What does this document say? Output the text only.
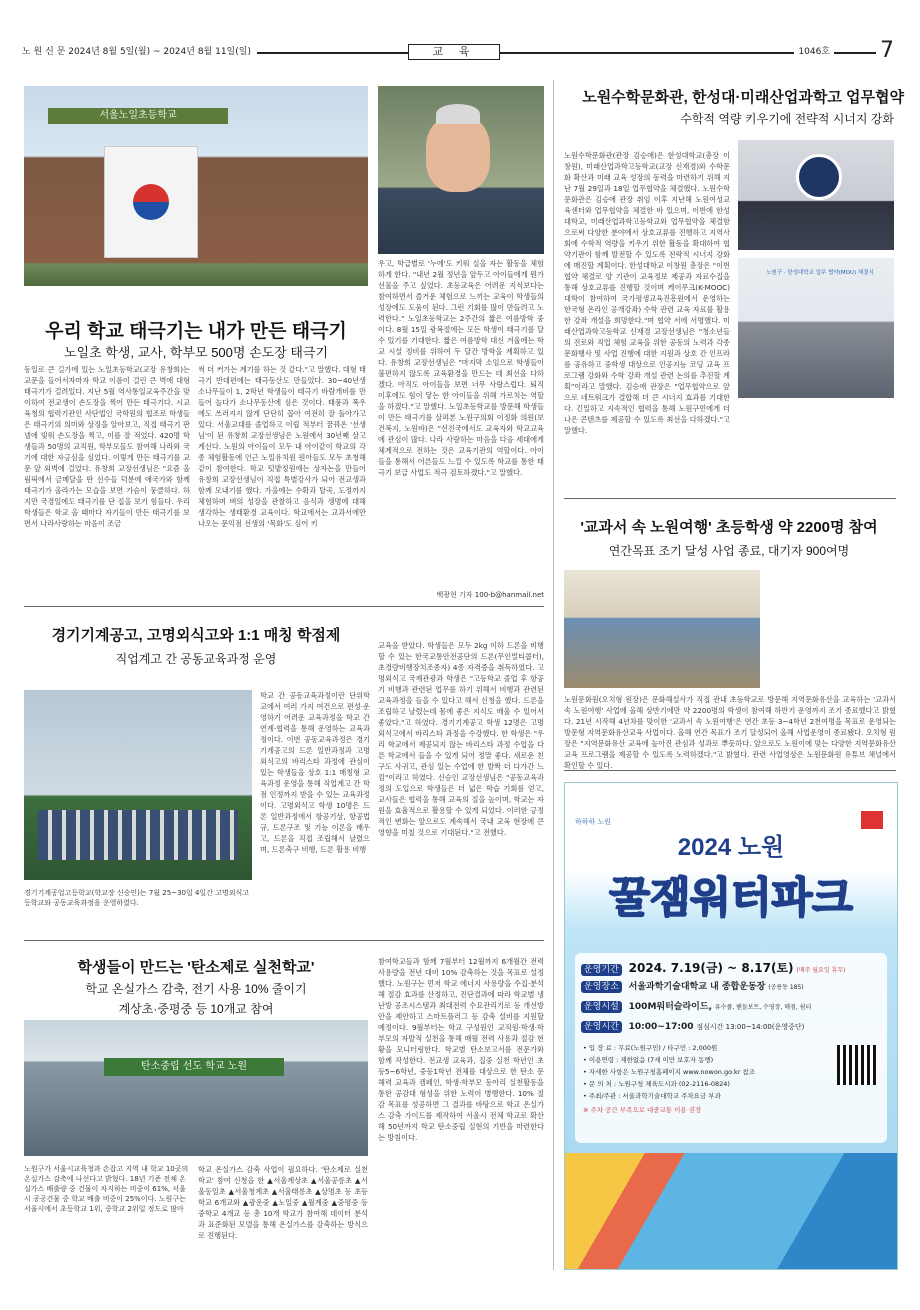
노 원 신 문 2024년 8월 5일(월) ~ 2024년 8월 11일(일)	교 육	1046호 7
서울노일초등학교
우리 학교 태극기는 내가 만든 태극기
노일초 학생, 교사, 학부모 500명 손도장 태극기
동일로 큰 길가에 있는 노일초등학교(교장 유창희)는 교문을 들어서자마자 학교 이름이 걸린 큰 벽에 대형 태극기가 걸려있다. 지난 5월 역사통일교육주간을 맞이하여 전교생이 손도장을 찍어 만든 태극기다. 시교육청의 협력기관인 사단법인 국학원의 협조로 학생들은 태극기의 의미와 상징을 알아보고, 직접 태극기 판넬에 빛워 손도장을 찍고, 이를 잘 적었다. 420명 학생들과 50명의 교직원, 학부모들도 참여해 나라와 국기에 대한 자긍심을 심었다. 이렇게 만든 태극기를 교문 앞 외벽에 걸었다. 유창희 교장선생님은 "요즘 올림픽에서 금메달을 딴 선수들 덕분에 애국가와 함께 태극기가 올라가는 모습을 보면 가슴이 뭉클하다. 하지만 국경일에도 태극기를 단 집을 보기 힘들다. 우리 학생들은 학교 올 때마다 자기들이 만든 태극기를 보면서 나라사랑하는 마음이 조금
씩 더 커가는 계기를 하는 것 같다."고 말했다. 대형 태극기 반대편에는 태극동산도 만들었다. 30~40년생 소나무들이 1, 2학년 학생들이 태극기 바람개비를 만들어 놀다가 소나무동산에 심은 것이다. 태풍과 폭우에도 쓰러지지 않게 단단히 꼽아 여전히 잘 돌아가고 있다. 서울교대를 졸업하고 이립 적부터 꿈꿔온 '선생님'이 된 유창희 교장선생님은 노원에서 30년째 살고 계신다. 노원의 아이들이 모두 내 아이같이 학교의 각종 체험활동에 인근 노일유치원 원아들도 모두 초청해 같이 참여한다. 학교 텃밭정원에는 상자논을 만들어 유창희 교장선생님이 직접 특별강사가 되어 전교생과 함께 모내기를 했다. 가을에는 수확과 탈곡, 도정까지 체험하며 벼의 성장을 관찰하고 음식과 생명에 대해 생각하는 생태환경 교육이다. 학교에서는 교과서에만 나오는 문익점 선생의 '목화'도 심어 키
우고, 학급별로 '누에'도 키워 실을 자는 활동을 체험하게 한다. "내년 2월 정년을 앞두고 아이들에게 뭔가 선물을 주고 싶었다. 초등교육은 어려운 지식보다는 참여하면서 즐거운 체험으로 느끼는 교육이 학생들의 성장에도 도움이 된다. 그런 기회를 많이 만들려고 노력한다." 노일초등학교는 2주간의 짧은 여름방학 중이다. 8월 15일 광복절에는 모든 학생이 태극기를 달 수 있기를 기대한다. 짧은 여름방학 대신 겨울에는 학교 시설 정비를 위하여 두 달간 방학을 계획하고 있다. 유창희 교장선생님은 "마지막 소임으로 학생들이 불편하지 않도록 교육환경을 만드는 데 최선을 다하겠다. 아직도 아이들을 보면 너무 사랑스럽다. 퇴직 이후에도 힘이 닿는 한 아이들을 위해 가르치는 역할을 하겠다."고 말했다. 노일초등학교를 방문해 학생들이 만든 태극기를 살펴본 노원구의회 이정화 의원(보건복지, 노원바)은 "선진국에서도 교육자와 학교교육에 관심이 많다. 나라 사랑하는 마음을 다음 세대에게 체계적으로 전하는 것은 교육기관의 역할이다. 아이들을 통해서 어른들도 느낄 수 있도록 학교를 통한 태극기 보급 사업도 적극 검토하겠다."고 말했다.
백광현 기자 100-b@hanmail.net
노원수학문화관, 한성대·미래산업과학고 업무협약
수학적 역량 키우기에 전략적 시너지 강화
노원수학문화관(관장 김승애)은 한성대학교(총장 이창원), 미래산업과학고등학교(교장 신재경)와 수학문화 확산과 미래 교육 성장의 동력을 마련하기 위해 지난 7월 29일과 18일 업무협약을 체결했다. 노원수학문화관은 김승애 관장 취임 이후 지난해 노원여성교육센터와 업무협약을 체결한 바 있으며, 이번에 한성대학교, 미래산업과학고등학교와 업무협약을 체결함으로써 다양한 분야에서 상호교류를 진행하고 지역사회에 수학적 역량을 키우기 위한 활동을 확대하여 협약기관이 함께 발전할 수 있도록 전략적 시너지 강화에 매진할 계획이다. 한성대학교 이창원 총장은 "이번 협약 체결로 양 기관이 교육정보 제공과 자료수집을 통해 상호교류를 진행할 것이며 케이무크(K-MOOC) 대학이 참여하여 국가평생교육진흥원에서 운영하는 한국형 온라인 공개강좌) 수학 관련 교육 자료를 활용한 강좌 개설을 희망한다."며 협약 서에 서명했다. 미래산업과학고등학교 신재경 교장선생님은 "청소년들의 진로와 직업 체험 교육을 위한 공동의 노력과 각종 문화행사 및 사업 진행에 대한 지원과 상호 간 인프라를 공유하고 중학생 대상으로 인공지능 코딩 교육 프로그램 강화와 수학 강좌 개설 관련 논의를 추진할 계획"이라고 말했다. 김승애 관장은 "업무협약으로 앞으로 네트워크가 결합해 더 큰 시너지 효과를 기대한다. 긴밀하고 지속적인 협력을 통해 노원구민에게 더 나은 콘텐츠를 제공할 수 있도록 최선을 다하겠다."고 말했다.
노원구 · 한성대학교 업무 협약(MOU) 체결식
'교과서 속 노원여행' 초등학생 약 2200명 참여
연간목표 조기 달성 사업 종료, 대기자 900여명
노원문화원(오치형 원장)은 문화해설사가 직접 관내 초등학교로 방문해 지역문화유산을 교육하는 '교과서 속 노원여행' 사업에 올해 상반기에만 약 2200명의 학생이 참여해 하반기 운영까지 조기 종료했다고 밝혔다. 21년 시작해 4년차를 맞이한 '교과서 속 노원여행'은 연간 초등 3~4학년 2천여명을 목표로 운영되는 방문형 지역문화유산교육 사업이다. 올해 연간 목표가 조기 달성되어 올해 사업운영이 종료됐다. 오치형 원장은 "지역문화유산 교육에 높아진 관심과 성과로 뿌듯하다. 앞으로도 노원이에 맞는 다양한 지역문화유산교육 프로그램을 제공할 수 있도록 노력하겠다."고 밝혔다. 관련 사업영상은 노원문화원 유튜브 채널에서 확인할 수 있다.
하하하 노원
2024 노원
꿀잼워터파크
운영기간 2024. 7.19(금) ~ 8.17(토) (매주 월요일 휴무)
운영장소 서울과학기술대학교 내 종합운동장 (공릉동 185)
운영시설 100M워터슬라이드, 유수풀, 헨들보트, 수영장, 매점, 쉼터
운영시간 10:00~17:00 점심시간 13:00~14:00(운영중단)
• 입 장 료 : 무료(노원구민) / 타구민 : 2,000원
• 이용연령 : 제한없음 (7세 이만 보호자 동행)
• 자세한 사항은 노원구청홈페이지 www.nowon.go.kr 참조
• 문 의 처 : 노원구청 체육도시과 (02-2116-0824)
• 주최/주관 : 서울과학기술대학교 주차요금 부과
※ 주차 공간 부족으로 대중교통 이용 권장
경기기계공고, 고명외식고와 1:1 매칭 학점제
직업계고 간 공동교육과정 운영
경기기계공업고등학교(학교장 신승인)는 7월 25~30일 4일간 고명외식고등학교와 공동교육과정을 운영하였다.
학교 간 공동교육과정이란 단위학교에서 여러 가지 여건으로 편성·운영하기 어려운 교육과정을 학교 간 연계·협력을 통해 운영하는 교육과정이다. 이번 공동교육과정은 경기기계공고의 드론 일반과정과 고명외식고의 바리스타 과정에 관심이 있는 학생들을 상호 1:1 매칭형 교육과정 운영을 통해 직업계고 간 학점 인정까지 받을 수 있는 교육과정이다. 고명외식고 학생 10명은 드론 일반과정에서 항공기상, 항공법규, 드론구조 및 기능 이론을 배우고, 드론을 직접 조립해서 날렸으며, 드론축구 비행, 드론 활용 비행
교육을 받았다. 학생들은 모두 2kg 이하 드론을 비행할 수 있는 한국교통안전공단의 드론(무인멀티콥터), 초경량비행장치조종자) 4종 자격증을 취득하였다. 고명외식고 국제관광과 학생은 "고등학교 졸업 후 항공기 비행과 관련된 업무를 하기 위해서 비행과 관련된 교육과정을 들을 수 있다고 해서 신청을 했다. 드론을 조립하고 날렸는데 몸에 좋은 지식도 배울 수 있어서 좋았다."고 하였다. 경기기계공고 학생 12명은 고명외식고에서 바리스타 과정을 수강했다. 한 학생은 "우리 학교에서 제공되지 않는 바리스타 과정 수업을 다른 학교에서 들을 수 있게 되어 정말 좋다. 새로운 친구도 사귀고, 관심 있는 수업에 한 발짝 더 다가간 느낌"이라고 하였다. 신승인 교장선생님은 "공동교육과정의 도입으로 학생들은 더 넓은 학습 기회를 얻고, 교사들은 협력을 통해 교육의 질을 높이며, 학교는 자원을 효율적으로 활용할 수 있게 되었다. 이러한 긍정적인 변화는 앞으로도 계속해서 국내 교육 현장에 큰 영향을 미칠 것으로 기대된다."고 전했다.
학생들이 만드는 '탄소제로 실천학교'
학교 온실가스 감축, 전기 사용 10% 줄이기
계상초·중평중 등 10개교 참여
탄소중립 선도 학교 노원
노원구가 서울시교육청과 손잡고 지역 내 학교 10곳의 온실가스 감축에 나선다고 밝혔다. 18년 기준 전체 온실가스 배출량 중 건물이 차지하는 비중이 61%, 서울시 공공건물 중 학교 배출 비중이 25%이다. 노원구는 서울시에서 초등학교 1위, 중학교 2위일 정도로 많아
학교 온실가스 감축 사업이 필요하다. '탄소제로 실천학교' 참여 신청을 한 ▲서울계상초 ▲서울공릉초 ▲서울동일초 ▲서울청계초 ▲서울태릉초 ▲상명초 등 초등학교 6개교와 ▲광운중 ▲노일중 ▲월계중 ▲중평중 등 중학교 4개교 등 총 10개 학교가 참여해 데이터 분석과 표준화된 모델을 통해 온실가스를 감축하는 방식으로 진행된다.
참여학교들과 함께 7월부터 12월까지 6개월간 전력사용량을 전년 대비 10% 감축하는 것을 목표로 설정했다. 노원구는 먼저 학교 에너지 사용량을 수집·분석해 절감 효과를 산정하고, 진단결과에 따라 학교별 냉난방 공조시스템과 최대전력 수요관리기로 등 개선방안을 제안하고 스마트플러그 등 감축 설비를 지원할 예정이다. 9월부터는 학교 구성원인 교직원·학생·학부모의 자발적 실천을 통해 매월 전력 사용과 절감 현황을 모니터링한다. 학교별 탄소보고서를 전문가와 함께 작성한다. 전교생 교육과, 집중 실천 학년인 초등5~6학년, 중등1학년 전체를 대상으로 한 탄소 문해력 교육과 캠페인, 학생·학부모 동아리 실천활동을 통한 공감대 형성을 위한 노력이 병행한다. 10% 절감 목표를 성공하면 그 결과를 바탕으로 학교 온실가스 감축 가이드를 제작하여 서울시 전체 학교로 확산해 50년까지 학교 탄소중립 실현의 기반을 마련한다는 방침이다.
